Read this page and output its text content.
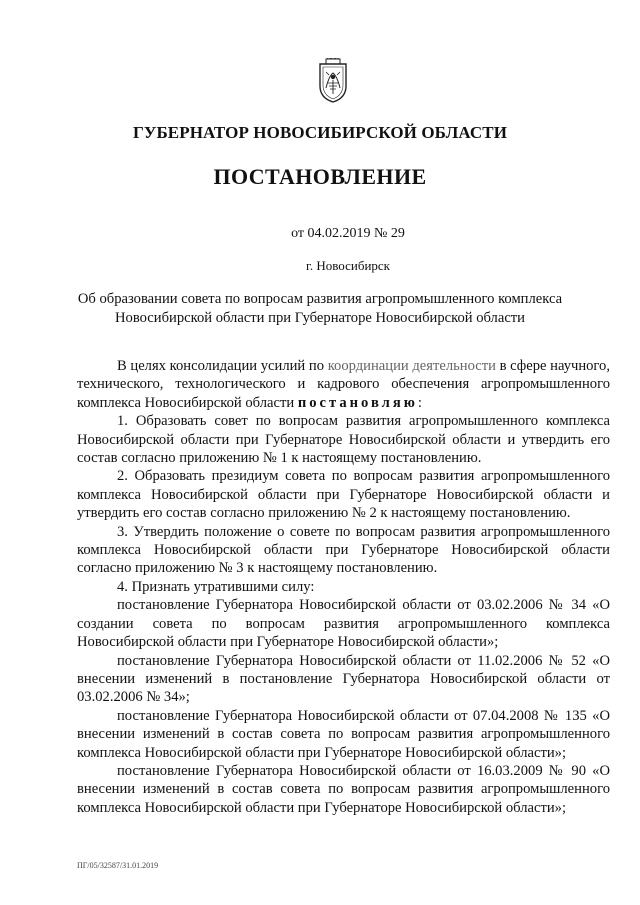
ГУБЕРНАТОР НОВОСИБИРСКОЙ ОБЛАСТИ
ПОСТАНОВЛЕНИЕ
от 04.02.2019 № 29
г. Новосибирск
Об образовании совета по вопросам развития агропромышленного комплекса
Новосибирской области при Губернаторе Новосибирской области

В целях консолидации усилий по координации деятельности в сфере научного, технического, технологического и кадрового обеспечения агропромышленного комплекса Новосибирской области постановляю:

1. Образовать совет по вопросам развития агропромышленного комплекса Новосибирской области при Губернаторе Новосибирской области и утвердить его состав согласно приложению № 1 к настоящему постановлению.

2. Образовать президиум совета по вопросам развития агропромышленного комплекса Новосибирской области при Губернаторе Новосибирской области и утвердить его состав согласно приложению № 2 к настоящему постановлению.

3. Утвердить положение о совете по вопросам развития агропромышленного комплекса Новосибирской области при Губернаторе Новосибирской области согласно приложению № 3 к настоящему постановлению.

4. Признать утратившими силу:

постановление Губернатора Новосибирской области от 03.02.2006 № 34 «О создании совета по вопросам развития агропромышленного комплекса Новосибирской области при Губернаторе Новосибирской области»;

постановление Губернатора Новосибирской области от 11.02.2006 № 52 «О внесении изменений в постановление Губернатора Новосибирской области от 03.02.2006 № 34»;

постановление Губернатора Новосибирской области от 07.04.2008 № 135 «О внесении изменений в состав совета по вопросам развития агропромышленного комплекса Новосибирской области при Губернаторе Новосибирской области»;

постановление Губернатора Новосибирской области от 16.03.2009 № 90 «О внесении изменений в состав совета по вопросам развития агропромышленного комплекса Новосибирской области при Губернаторе Новосибирской области»;

ПГ/05/32587/31.01.2019
